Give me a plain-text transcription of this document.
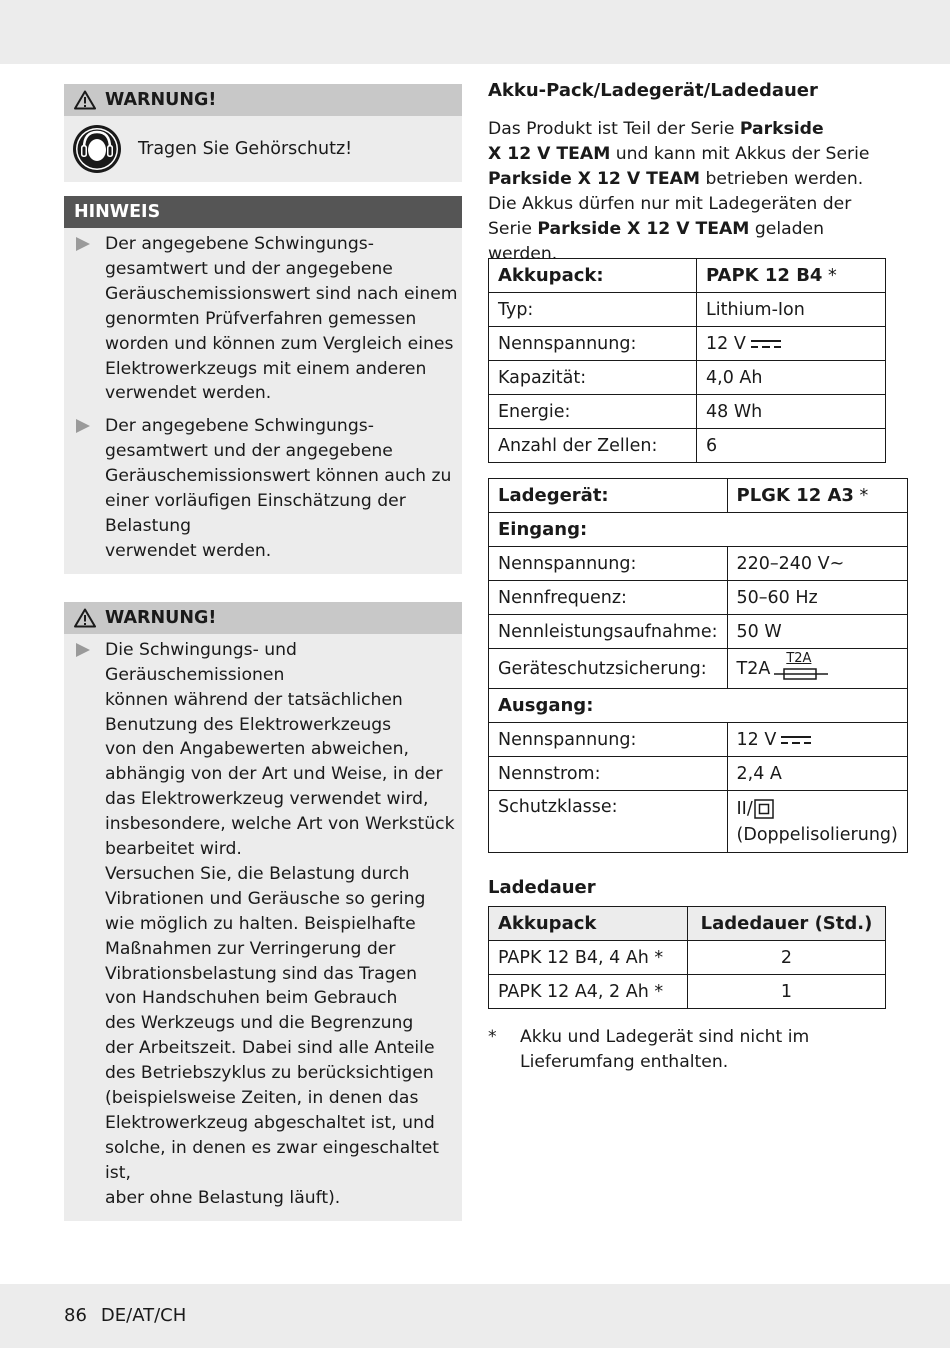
WARNUNG!
Tragen Sie Gehörschutz!
HINWEIS
Der angegebene Schwingungs-
gesamtwert und der angegebene
Geräuschemissionswert sind nach einem
genormten Prüfverfahren gemessen
worden und können zum Vergleich eines
Elektrowerkzeugs mit einem anderen
verwendet werden.
Der angegebene Schwingungs-
gesamtwert und der angegebene
Geräuschemissionswert können auch zu
einer vorläufigen Einschätzung der Belastung
verwendet werden.
WARNUNG!
Die Schwingungs- und Geräuschemissionen
können während der tatsächlichen
Benutzung des Elektrowerkzeugs
von den Angabewerten abweichen,
abhängig von der Art und Weise, in der
das Elektrowerkzeug verwendet wird,
insbesondere, welche Art von Werkstück
bearbeitet wird.
Versuchen Sie, die Belastung durch
Vibrationen und Geräusche so gering
wie möglich zu halten. Beispielhafte
Maßnahmen zur Verringerung der
Vibrationsbelastung sind das Tragen
von Handschuhen beim Gebrauch
des Werkzeugs und die Begrenzung
der Arbeitszeit. Dabei sind alle Anteile
des Betriebszyklus zu berücksichtigen
(beispielsweise Zeiten, in denen das
Elektrowerkzeug abgeschaltet ist, und
solche, in denen es zwar eingeschaltet ist,
aber ohne Belastung läuft).
Akku-Pack/Ladegerät/Ladedauer
Das Produkt ist Teil der Serie Parkside
X 12 V TEAM und kann mit Akkus der Serie Parkside X 12 V TEAM betrieben werden. Die Akkus dürfen nur mit Ladegeräten der Serie Parkside X 12 V TEAM geladen werden.
Akkupack:	PAPK 12 B4 *
Typ:	Lithium-Ion
Nennspannung:	12 V
Kapazität:	4,0 Ah
Energie:	48 Wh
Anzahl der Zellen:	6
Ladegerät:	PLGK 12 A3 *
Eingang:	
Nennspannung:	220–240 V~
Nennfrequenz:	50–60 Hz
Nennleistungsaufnahme:	50 W
Geräteschutzsicherung:	T2A
T2A

Ausgang:	
Nennspannung:	12 V
Nennstrom:	2,4 A
Schutzklasse:	II/
(Doppelisolierung)
Ladedauer
Akkupack	Ladedauer (Std.)
PAPK 12 B4, 4 Ah *	2
PAPK 12 A4, 2 Ah *	1
*	Akku und Ladegerät sind nicht im Lieferumfang enthalten.
86 DE/AT/CH
